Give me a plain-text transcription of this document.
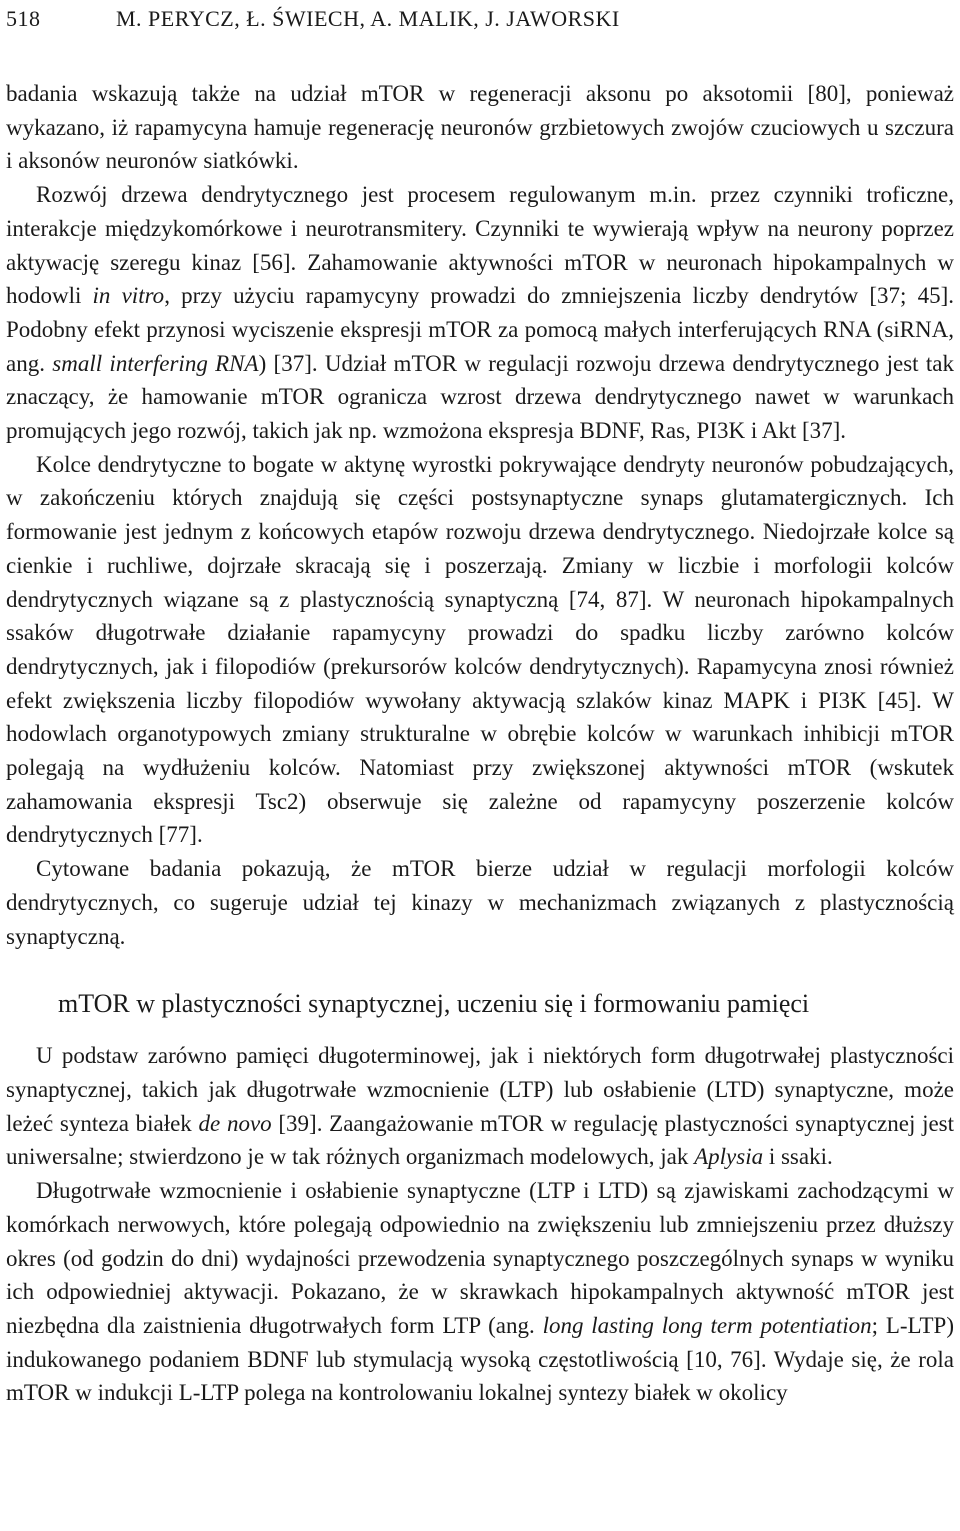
518	M. PERYCZ, Ł. ŚWIECH, A. MALIK, J. JAWORSKI

badania wskazują także na udział mTOR w regeneracji aksonu po aksotomii [80], ponieważ wykazano, iż rapamycyna hamuje regenerację neuronów grzbietowych zwojów czuciowych u szczura i aksonów neuronów siatkówki.

Rozwój drzewa dendrytycznego jest procesem regulowanym m.in. przez czynniki troficzne, interakcje międzykomórkowe i neurotransmitery. Czynniki te wywierają wpływ na neurony poprzez aktywację szeregu kinaz [56]. Zahamowanie aktywności mTOR w neuronach hipokampalnych w hodowli in vitro, przy użyciu rapamycyny prowadzi do zmniejszenia liczby dendrytów [37; 45]. Podobny efekt przynosi wyciszenie ekspresji mTOR za pomocą małych interferujących RNA (siRNA, ang. small interfering RNA) [37]. Udział mTOR w regulacji rozwoju drzewa dendrytycznego jest tak znaczący, że hamowanie mTOR ogranicza wzrost drzewa dendrytycznego nawet w warunkach promujących jego rozwój, takich jak np. wzmożona ekspresja BDNF, Ras, PI3K i Akt [37].

Kolce dendrytyczne to bogate w aktynę wyrostki pokrywające dendryty neuronów pobudzających, w zakończeniu których znajdują się części postsynaptyczne synaps glutamatergicznych. Ich formowanie jest jednym z końcowych etapów rozwoju drzewa dendrytycznego. Niedojrzałe kolce są cienkie i ruchliwe, dojrzałe skracają się i poszerzają. Zmiany w liczbie i morfologii kolców dendrytycznych wiązane są z plastycznością synaptyczną [74, 87]. W neuronach hipokampalnych ssaków długotrwałe działanie rapamycyny prowadzi do spadku liczby zarówno kolców dendrytycznych, jak i filopodiów (prekursorów kolców dendrytycznych). Rapamycyna znosi również efekt zwiększenia liczby filopodiów wywołany aktywacją szlaków kinaz MAPK i PI3K [45]. W hodowlach organotypowych zmiany strukturalne w obrębie kolców w warunkach inhibicji mTOR polegają na wydłużeniu kolców. Natomiast przy zwiększonej aktywności mTOR (wskutek zahamowania ekspresji Tsc2) obserwuje się zależne od rapamycyny poszerzenie kolców dendrytycznych [77].

Cytowane badania pokazują, że mTOR bierze udział w regulacji morfologii kolców dendrytycznych, co sugeruje udział tej kinazy w mechanizmach związanych z plastycznością synaptyczną.

mTOR w plastyczności synaptycznej, uczeniu się i formowaniu pamięci

U podstaw zarówno pamięci długoterminowej, jak i niektórych form długotrwałej plastyczności synaptycznej, takich jak długotrwałe wzmocnienie (LTP) lub osłabienie (LTD) synaptyczne, może leżeć synteza białek de novo [39]. Zaangażowanie mTOR w regulację plastyczności synaptycznej jest uniwersalne; stwierdzono je w tak różnych organizmach modelowych, jak Aplysia i ssaki.

Długotrwałe wzmocnienie i osłabienie synaptyczne (LTP i LTD) są zjawiskami zachodzącymi w komórkach nerwowych, które polegają odpowiednio na zwiększeniu lub zmniejszeniu przez dłuższy okres (od godzin do dni) wydajności przewodzenia synaptycznego poszczególnych synaps w wyniku ich odpowiedniej aktywacji. Pokazano, że w skrawkach hipokampalnych aktywność mTOR jest niezbędna dla zaistnienia długotrwałych form LTP (ang. long lasting long term potentiation; L-LTP) indukowanego podaniem BDNF lub stymulacją wysoką częstotliwością [10, 76]. Wydaje się, że rola mTOR w indukcji L-LTP polega na kontrolowaniu lokalnej syntezy białek w okolicy
